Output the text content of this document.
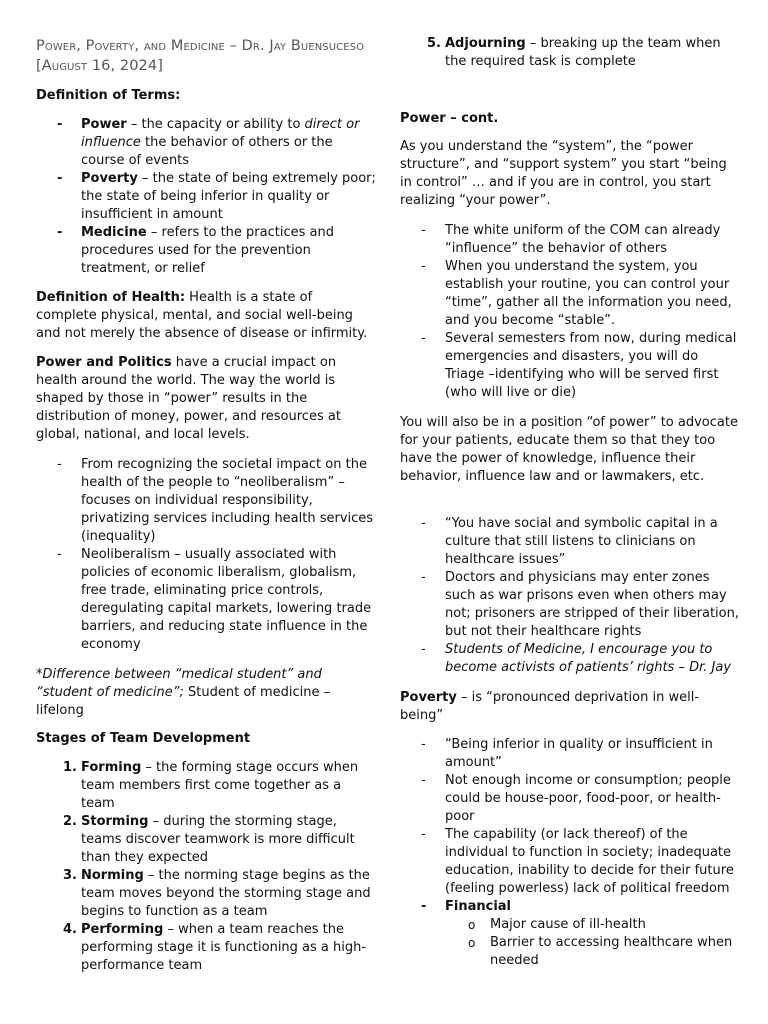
Power, Poverty, and Medicine – Dr. Jay Buensuceso [August 16, 2024]

Definition of Terms:

- Power – the capacity or ability to direct or influence the behavior of others or the course of events
- Poverty – the state of being extremely poor; the state of being inferior in quality or insufficient in amount
- Medicine – refers to the practices and procedures used for the prevention treatment, or relief

Definition of Health: Health is a state of complete physical, mental, and social well-being and not merely the absence of disease or infirmity.

Power and Politics have a crucial impact on health around the world. The way the world is shaped by those in “power” results in the distribution of money, power, and resources at global, national, and local levels.

- From recognizing the societal impact on the health of the people to “neoliberalism” – focuses on individual responsibility, privatizing services including health services (inequality)
- Neoliberalism – usually associated with policies of economic liberalism, globalism, free trade, eliminating price controls, deregulating capital markets, lowering trade barriers, and reducing state influence in the economy

*Difference between “medical student” and “student of medicine”; Student of medicine – lifelong

Stages of Team Development

1. Forming – the forming stage occurs when team members first come together as a team
2. Storming – during the storming stage, teams discover teamwork is more difficult than they expected
3. Norming – the norming stage begins as the team moves beyond the storming stage and begins to function as a team
4. Performing – when a team reaches the performing stage it is functioning as a high-performance team
5. Adjourning – breaking up the team when the required task is complete

Power – cont.

As you understand the “system”, the “power structure”, and “support system” you start “being in control” … and if you are in control, you start realizing “your power”.

- The white uniform of the COM can already “influence” the behavior of others
- When you understand the system, you establish your routine, you can control your “time”, gather all the information you need, and you become “stable”.
- Several semesters from now, during medical emergencies and disasters, you will do Triage –identifying who will be served first (who will live or die)

You will also be in a position “of power” to advocate for your patients, educate them so that they too have the power of knowledge, influence their behavior, influence law and or lawmakers, etc.

- “You have social and symbolic capital in a culture that still listens to clinicians on healthcare issues”
- Doctors and physicians may enter zones such as war prisons even when others may not; prisoners are stripped of their liberation, but not their healthcare rights
- Students of Medicine, I encourage you to become activists of patients’ rights – Dr. Jay

Poverty – is “pronounced deprivation in well-being”

- “Being inferior in quality or insufficient in amount”
- Not enough income or consumption; people could be house-poor, food-poor, or health-poor
- The capability (or lack thereof) of the individual to function in society; inadequate education, inability to decide for their future (feeling powerless) lack of political freedom
- Financial
o Major cause of ill-health
o Barrier to accessing healthcare when needed
